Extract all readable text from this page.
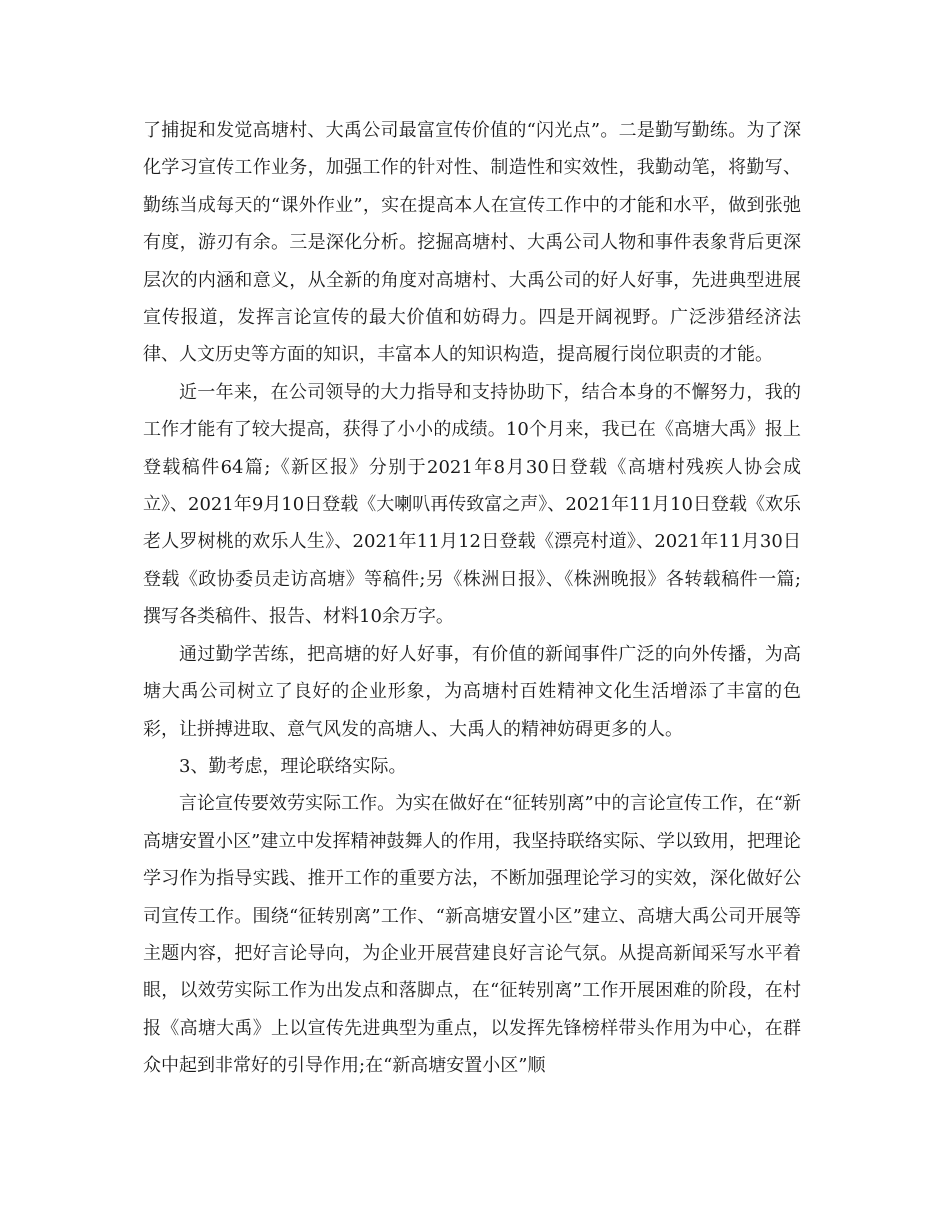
了捕捉和发觉高塘村、大禹公司最富宣传价值的“闪光点”。二是勤写勤练。为了深化学习宣传工作业务，加强工作的针对性、制造性和实效性，我勤动笔，将勤写、勤练当成每天的“课外作业”，实在提高本人在宣传工作中的才能和水平，做到张弛有度，游刃有余。三是深化分析。挖掘高塘村、大禹公司人物和事件表象背后更深层次的内涵和意义，从全新的角度对高塘村、大禹公司的好人好事，先进典型进展宣传报道，发挥言论宣传的最大价值和妨碍力。四是开阔视野。广泛涉猎经济法律、人文历史等方面的知识，丰富本人的知识构造，提高履行岗位职责的才能。

近一年来，在公司领导的大力指导和支持协助下，结合本身的不懈努力，我的工作才能有了较大提高，获得了小小的成绩。10个月来，我已在《高塘大禹》报上登载稿件64篇;《新区报》分别于2021年8月30日登载《高塘村残疾人协会成立》、2021年9月10日登载《大喇叭再传致富之声》、2021年11月10日登载《欢乐老人罗树桃的欢乐人生》、2021年11月12日登载《漂亮村道》、2021年11月30日登载《政协委员走访高塘》等稿件;另《株洲日报》、《株洲晚报》各转载稿件一篇;撰写各类稿件、报告、材料10余万字。

通过勤学苦练，把高塘的好人好事，有价值的新闻事件广泛的向外传播，为高塘大禹公司树立了良好的企业形象，为高塘村百姓精神文化生活增添了丰富的色彩，让拼搏进取、意气风发的高塘人、大禹人的精神妨碍更多的人。

3、勤考虑，理论联络实际。

言论宣传要效劳实际工作。为实在做好在“征转别离”中的言论宣传工作，在“新高塘安置小区”建立中发挥精神鼓舞人的作用，我坚持联络实际、学以致用，把理论学习作为指导实践、推开工作的重要方法，不断加强理论学习的实效，深化做好公司宣传工作。围绕“征转别离”工作、“新高塘安置小区”建立、高塘大禹公司开展等主题内容，把好言论导向，为企业开展营建良好言论气氛。从提高新闻采写水平着眼，以效劳实际工作为出发点和落脚点，在“征转别离”工作开展困难的阶段，在村报《高塘大禹》上以宣传先进典型为重点，以发挥先锋榜样带头作用为中心，在群众中起到非常好的引导作用;在“新高塘安置小区”顺
